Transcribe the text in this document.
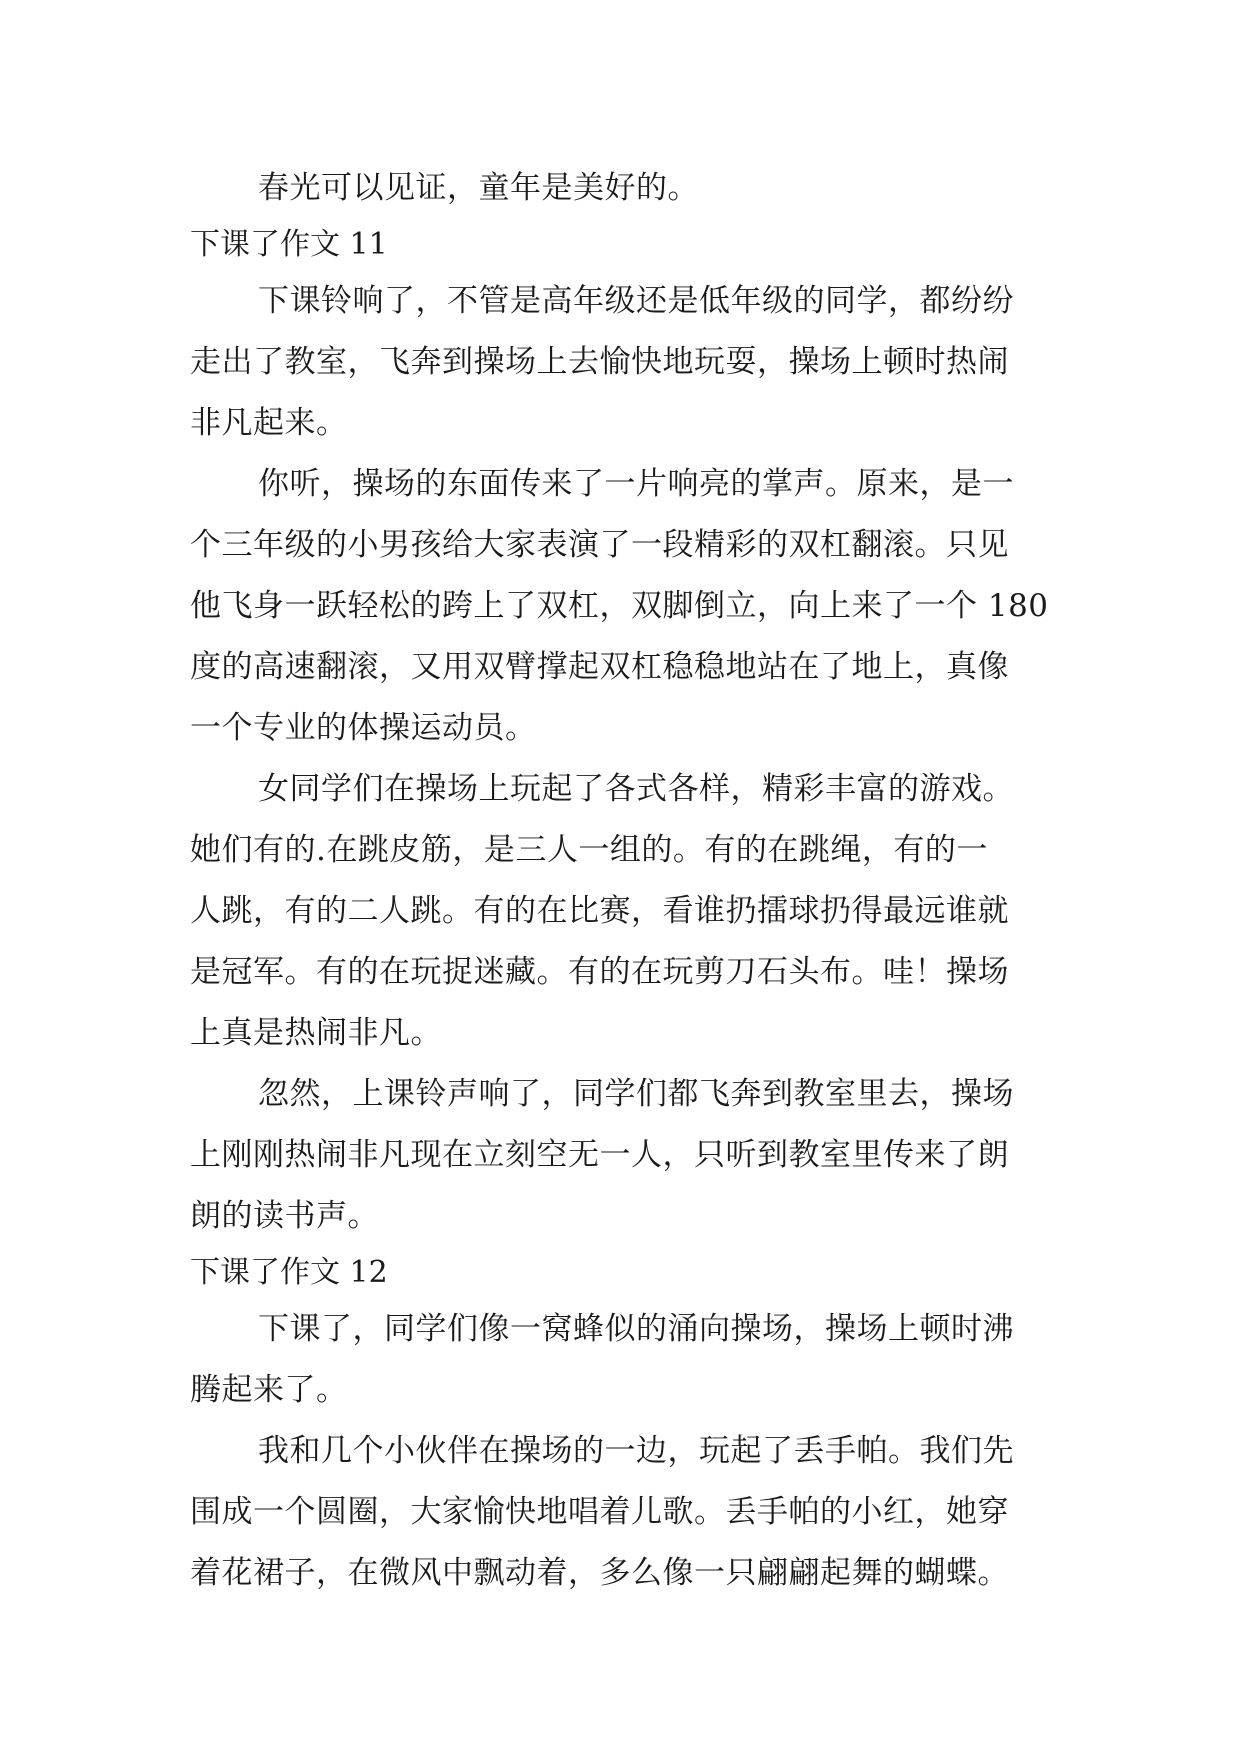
春光可以见证，童年是美好的。
下课了作文 11
下课铃响了，不管是高年级还是低年级的同学，都纷纷
走出了教室，飞奔到操场上去愉快地玩耍，操场上顿时热闹
非凡起来。
你听，操场的东面传来了一片响亮的掌声。原来，是一
个三年级的小男孩给大家表演了一段精彩的双杠翻滚。只见
他飞身一跃轻松的跨上了双杠，双脚倒立，向上来了一个 180
度的高速翻滚，又用双臂撑起双杠稳稳地站在了地上，真像
一个专业的体操运动员。
女同学们在操场上玩起了各式各样，精彩丰富的游戏。
她们有的.在跳皮筋，是三人一组的。有的在跳绳，有的一
人跳，有的二人跳。有的在比赛，看谁扔擂球扔得最远谁就
是冠军。有的在玩捉迷藏。有的在玩剪刀石头布。哇！操场
上真是热闹非凡。
忽然，上课铃声响了，同学们都飞奔到教室里去，操场
上刚刚热闹非凡现在立刻空无一人，只听到教室里传来了朗
朗的读书声。
下课了作文 12
下课了，同学们像一窝蜂似的涌向操场，操场上顿时沸
腾起来了。
我和几个小伙伴在操场的一边，玩起了丢手帕。我们先
围成一个圆圈，大家愉快地唱着儿歌。丢手帕的小红，她穿
着花裙子，在微风中飘动着，多么像一只翩翩起舞的蝴蝶。
